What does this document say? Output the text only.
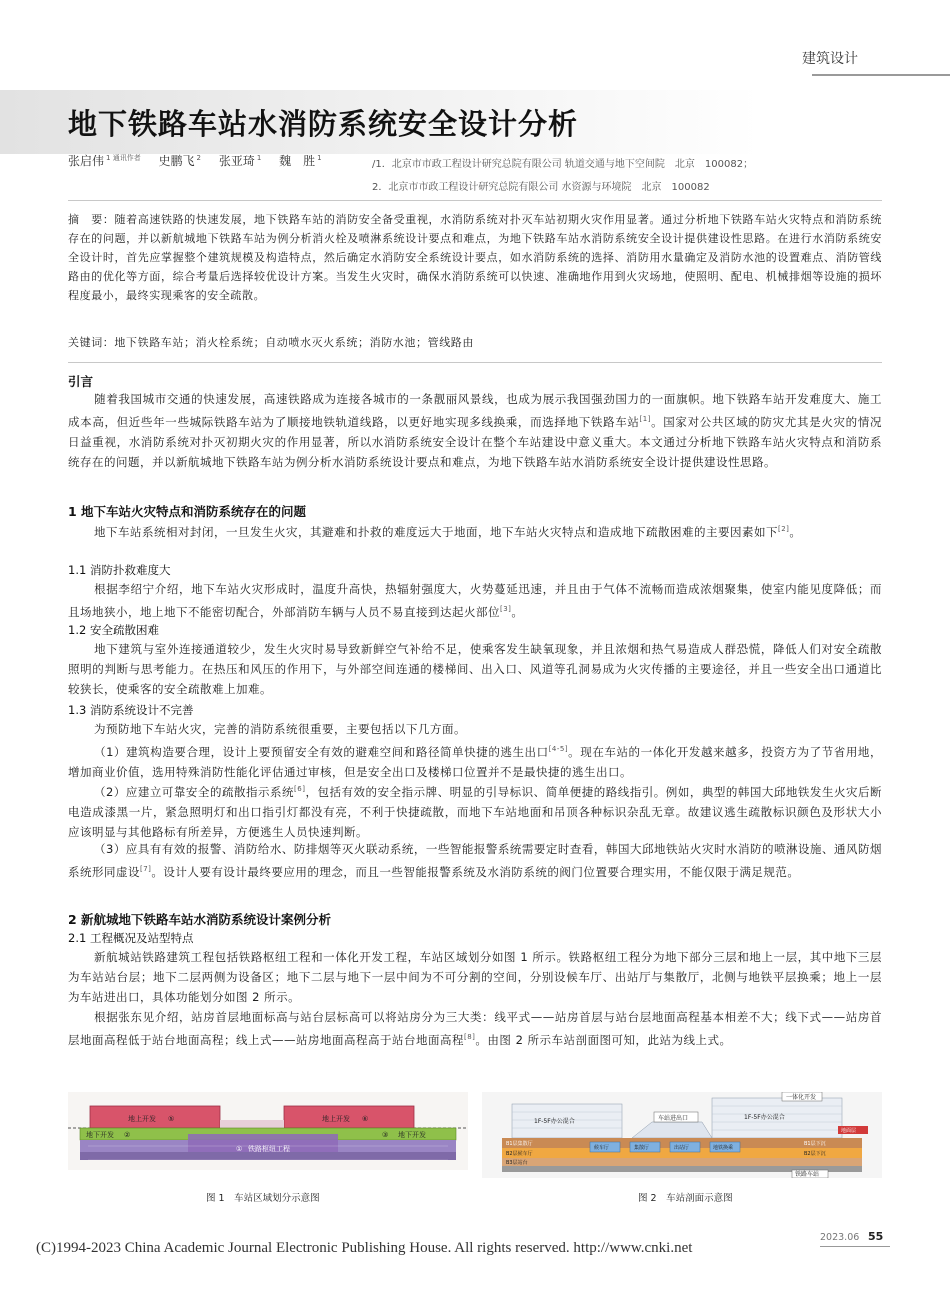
建筑设计
地下铁路车站水消防系统安全设计分析
张启伟 $^{1 通讯作者}$ 史鹏飞 $^2$ 张亚琦 $^1$ 魏　胜 $^1$
/1．北京市市政工程设计研究总院有限公司 轨道交通与地下空间院　北京　100082；
2．北京市市政工程设计研究总院有限公司 水资源与环境院　北京　100082
摘　要：随着高速铁路的快速发展，地下铁路车站的消防安全备受重视，水消防系统对扑灭车站初期火灾作用显著。通过分析地下铁路车站火灾特点和消防系统存在的问题，并以新航城地下铁路车站为例分析消火栓及喷淋系统设计要点和难点，为地下铁路车站水消防系统安全设计提供建设性思路。在进行水消防系统安全设计时，首先应掌握整个建筑规模及构造特点，然后确定水消防安全系统设计要点，如水消防系统的选择、消防用水量确定及消防水池的设置难点、消防管线路由的优化等方面，综合考量后选择较优设计方案。当发生火灾时，确保水消防系统可以快速、准确地作用到火灾场地，使照明、配电、机械排烟等设施的损坏程度最小，最终实现乘客的安全疏散。
关键词：地下铁路车站；消火栓系统；自动喷水灭火系统；消防水池；管线路由
引言
随着我国城市交通的快速发展，高速铁路成为连接各城市的一条靓丽风景线，也成为展示我国强劲国力的一面旗帜。地下铁路车站开发难度大、施工成本高，但近些年一些城际铁路车站为了顺接地铁轨道线路，以更好地实现多线换乘，而选择地下铁路车站[1]。国家对公共区域的防灾尤其是火灾的情况日益重视，水消防系统对扑灭初期火灾的作用显著，所以水消防系统安全设计在整个车站建设中意义重大。本文通过分析地下铁路车站火灾特点和消防系统存在的问题，并以新航城地下铁路车站为例分析水消防系统设计要点和难点，为地下铁路车站水消防系统安全设计提供建设性思路。
1 地下车站火灾特点和消防系统存在的问题
地下车站系统相对封闭，一旦发生火灾，其避难和扑救的难度远大于地面，地下车站火灾特点和造成地下疏散困难的主要因素如下[2]。
1.1 消防扑救难度大
根据李绍宁介绍，地下车站火灾形成时，温度升高快，热辐射强度大，火势蔓延迅速，并且由于气体不流畅而造成浓烟聚集，使室内能见度降低；而且场地狭小，地上地下不能密切配合，外部消防车辆与人员不易直接到达起火部位[3]。
1.2 安全疏散困难
地下建筑与室外连接通道较少，发生火灾时易导致新鲜空气补给不足，使乘客发生缺氧现象，并且浓烟和热气易造成人群恐慌，降低人们对安全疏散照明的判断与思考能力。在热压和风压的作用下，与外部空间连通的楼梯间、出入口、风道等孔洞易成为火灾传播的主要途径，并且一些安全出口通道比较狭长，使乘客的安全疏散难上加难。
1.3 消防系统设计不完善
为预防地下车站火灾，完善的消防系统很重要，主要包括以下几方面。
（1）建筑构造要合理，设计上要预留安全有效的避难空间和路径简单快捷的逃生出口[4-5]。现在车站的一体化开发越来越多，投资方为了节省用地，增加商业价值，选用特殊消防性能化评估通过审核，但是安全出口及楼梯口位置并不是最快捷的逃生出口。
（2）应建立可靠安全的疏散指示系统[6]，包括有效的安全指示牌、明显的引导标识、简单便捷的路线指引。例如，典型的韩国大邱地铁发生火灾后断电造成漆黑一片，紧急照明灯和出口指引灯都没有亮，不利于快捷疏散，而地下车站地面和吊顶各种标识杂乱无章。故建议逃生疏散标识颜色及形状大小应该明显与其他路标有所差异，方便逃生人员快速判断。
（3）应具有有效的报警、消防给水、防排烟等灭火联动系统，一些智能报警系统需要定时查看，韩国大邱地铁站火灾时水消防的喷淋设施、通风防烟系统形同虚设[7]。设计人要有设计最终要应用的理念，而且一些智能报警系统及水消防系统的阀门位置要合理实用，不能仅限于满足规范。
2 新航城地下铁路车站水消防系统设计案例分析
2.1 工程概况及站型特点
新航城站铁路建筑工程包括铁路枢纽工程和一体化开发工程，车站区域划分如图 1 所示。铁路枢纽工程分为地下部分三层和地上一层，其中地下三层为车站站台层；地下二层两侧为设备区；地下二层与地下一层中间为不可分割的空间，分别设候车厅、出站厅与集散厅，北侧与地铁平层换乘；地上一层为车站进出口，具体功能划分如图 2 所示。
根据张东见介绍，站房首层地面标高与站台层标高可以将站房分为三大类：线平式——站房首层与站台层地面高程基本相差不大；线下式——站房首层地面高程低于站台地面高程；线上式——站房地面高程高于站台地面高程[8]。由图 2 所示车站剖面图可知，此站为线上式。
地上开发 ⑤	地上开发 ⑥
地下开发 ②	地下开发
③
① 铁路枢纽工程
图 1　车站区域划分示意图
1F-5F办公混合
1F-5F办公混合
车站进出口
一体化开发
铁路车站
B1层集散厅
B2层候车厅
B3层站台
候车厅	集散厅	出站厅	地铁换乘
B1层下沉
B2层下沉
地面层
图 2　车站剖面示意图
2023.06 55
(C)1994-2023 China Academic Journal Electronic Publishing House. All rights reserved. http://www.cnki.net
